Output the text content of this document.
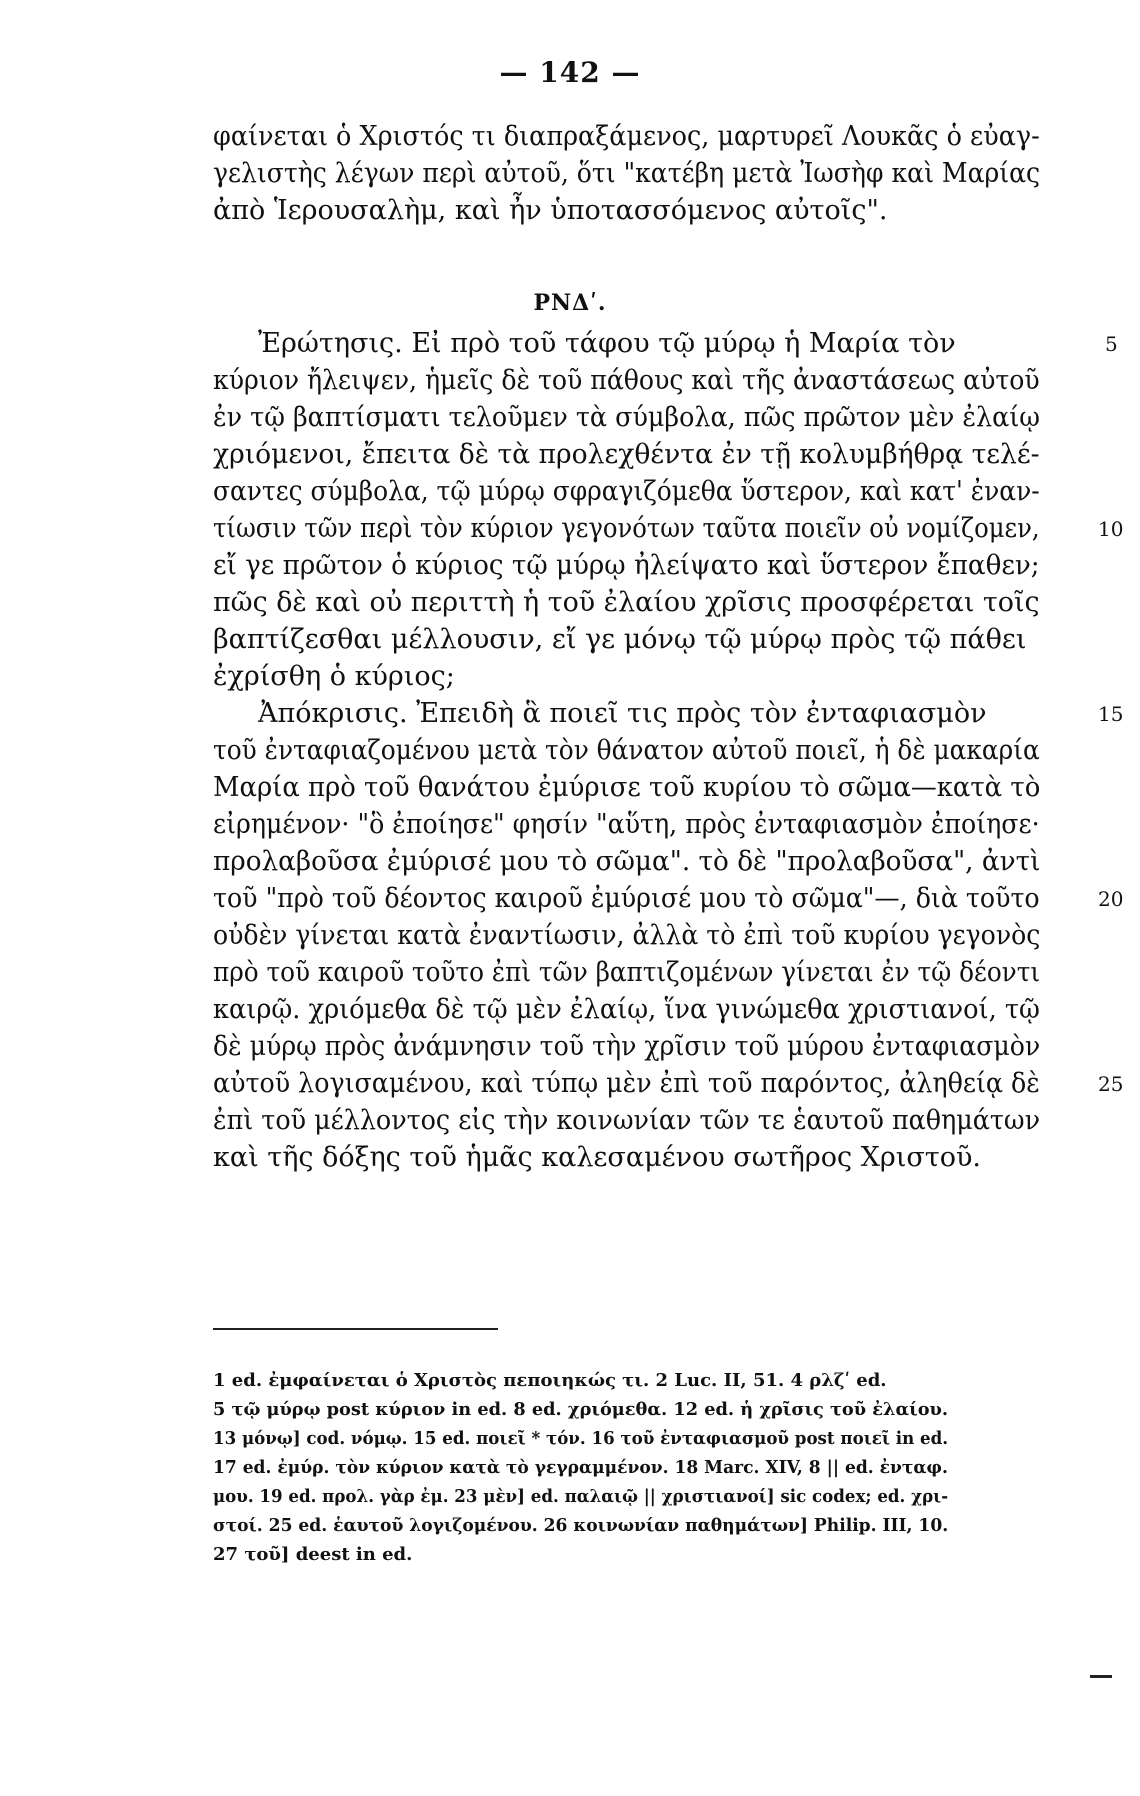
— 142 —
φαίνεται ὁ Χριστός τι διαπραξάμενος, μαρτυρεῖ Λουκᾶς ὁ εὐαγ-
γελιστὴς λέγων περὶ αὐτοῦ, ὅτι "κατέβη μετὰ Ἰωσὴφ καὶ Μαρίας
ἀπὸ Ἱερουσαλὴμ, καὶ ἦν ὑποτασσόμενος αὐτοῖς".
ΡΝΔʹ.
Ἐρώτησις. Εἰ πρὸ τοῦ τάφου τῷ μύρῳ ἡ Μαρία τὸν
κύριον ἤλειψεν, ἡμεῖς δὲ τοῦ πάθους καὶ τῆς ἀναστάσεως αὐτοῦ
ἐν τῷ βαπτίσματι τελοῦμεν τὰ σύμβολα, πῶς πρῶτον μὲν ἐλαίῳ
χριόμενοι, ἔπειτα δὲ τὰ προλεχθέντα ἐν τῇ κολυμβήθρᾳ τελέ-
σαντες σύμβολα, τῷ μύρῳ σφραγιζόμεθα ὕστερον, καὶ κατ' ἐναν-
τίωσιν τῶν περὶ τὸν κύριον γεγονότων ταῦτα ποιεῖν οὐ νομίζομεν,
εἴ γε πρῶτον ὁ κύριος τῷ μύρῳ ἠλείψατο καὶ ὕστερον ἔπαθεν;
πῶς δὲ καὶ οὐ περιττὴ ἡ τοῦ ἐλαίου χρῖσις προσφέρεται τοῖς
βαπτίζεσθαι μέλλουσιν, εἴ γε μόνῳ τῷ μύρῳ πρὸς τῷ πάθει
ἐχρίσθη ὁ κύριος;
Ἀπόκρισις. Ἐπειδὴ ἃ ποιεῖ τις πρὸς τὸν ἐνταφιασμὸν
τοῦ ἐνταφιαζομένου μετὰ τὸν θάνατον αὐτοῦ ποιεῖ, ἡ δὲ μακαρία
Μαρία πρὸ τοῦ θανάτου ἐμύρισε τοῦ κυρίου τὸ σῶμα—κατὰ τὸ
εἰρημένον· "ὃ ἐποίησε" φησίν "αὕτη, πρὸς ἐνταφιασμὸν ἐποίησε·
προλαβοῦσα ἐμύρισέ μου τὸ σῶμα". τὸ δὲ "προλαβοῦσα", ἀντὶ
τοῦ "πρὸ τοῦ δέοντος καιροῦ ἐμύρισέ μου τὸ σῶμα"—, διὰ τοῦτο
οὐδὲν γίνεται κατὰ ἐναντίωσιν, ἀλλὰ τὸ ἐπὶ τοῦ κυρίου γεγονὸς
πρὸ τοῦ καιροῦ τοῦτο ἐπὶ τῶν βαπτιζομένων γίνεται ἐν τῷ δέοντι
καιρῷ. χριόμεθα δὲ τῷ μὲν ἐλαίῳ, ἵνα γινώμεθα χριστιανοί, τῷ
δὲ μύρῳ πρὸς ἀνάμνησιν τοῦ τὴν χρῖσιν τοῦ μύρου ἐνταφιασμὸν
αὐτοῦ λογισαμένου, καὶ τύπῳ μὲν ἐπὶ τοῦ παρόντος, ἀληθείᾳ δὲ
ἐπὶ τοῦ μέλλοντος εἰς τὴν κοινωνίαν τῶν τε ἑαυτοῦ παθημάτων
καὶ τῆς δόξης τοῦ ἡμᾶς καλεσαμένου σωτῆρος Χριστοῦ.
5
10
15
20
25
1 ed. ἐμφαίνεται ὁ Χριστὸς πεποιηκώς τι. 2 Luc. II, 51. 4 ρλζʹ ed.
5 τῷ μύρῳ post κύριον in ed. 8 ed. χριόμεθα. 12 ed. ἡ χρῖσις τοῦ ἐλαίου.
13 μόνῳ] cod. νόμῳ. 15 ed. ποιεῖ * τόν. 16 τοῦ ἐνταφιασμοῦ post ποιεῖ in ed.
17 ed. ἐμύρ. τὸν κύριον κατὰ τὸ γεγραμμένον. 18 Marc. XIV, 8 || ed. ἐνταφ.
μου. 19 ed. προλ. γὰρ ἐμ. 23 μὲν] ed. παλαιῷ || χριστιανοί] sic codex; ed. χρι-
στοί. 25 ed. ἑαυτοῦ λογιζομένου. 26 κοινωνίαν παθημάτων] Philip. III, 10.
27 τοῦ] deest in ed.
